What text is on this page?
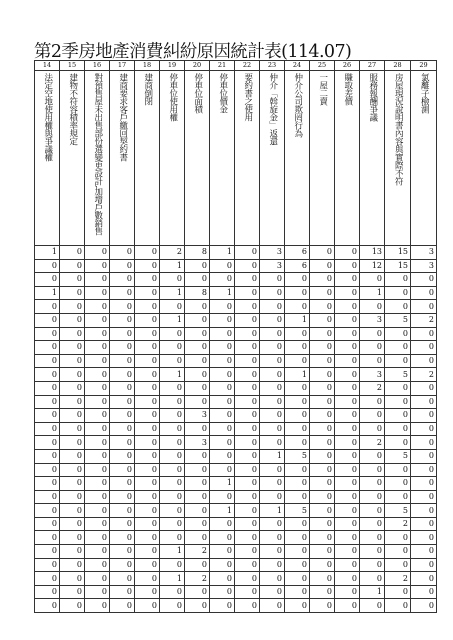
第2季房地產消費糾紛原因統計表(114.07)
14	15	16	17	18	19	20	21	22	23	24	25	26	27	28	29

法定空地使用權與爭議權	建物不符容積率規定	對預售屋未出售部份選變更設計,加增戶數銷售	建商要求客戶繳回契約書	建商倒閉	停車位使用權	停車位面積	停車位價金	要約書之使用	仲介「斡旋金」返還	仲介公司欺罔行為	一屋二賣	賺取差價	服務報酬爭議	房屋現況說明書內容與實際不符	氯離子檢測

1	0	0	0	0	2	8	1	0	3	6	0	0	13	15	3
0	0	0	0	0	1	0	0	0	3	6	0	0	12	15	3
0	0	0	0	0	0	0	0	0	0	0	0	0	0	0	0
1	0	0	0	0	1	8	1	0	0	0	0	0	1	0	0
0	0	0	0	0	0	0	0	0	0	0	0	0	0	0	0
0	0	0	0	0	1	0	0	0	0	1	0	0	3	5	2
0	0	0	0	0	0	0	0	0	0	0	0	0	0	0	0
0	0	0	0	0	0	0	0	0	0	0	0	0	0	0	0
0	0	0	0	0	0	0	0	0	0	0	0	0	0	0	0
0	0	0	0	0	1	0	0	0	0	1	0	0	3	5	2
0	0	0	0	0	0	0	0	0	0	0	0	0	2	0	0
0	0	0	0	0	0	0	0	0	0	0	0	0	0	0	0
0	0	0	0	0	0	3	0	0	0	0	0	0	0	0	0
0	0	0	0	0	0	0	0	0	0	0	0	0	0	0	0
0	0	0	0	0	0	3	0	0	0	0	0	0	2	0	0
0	0	0	0	0	0	0	0	0	1	5	0	0	0	5	0
0	0	0	0	0	0	0	0	0	0	0	0	0	0	0	0
0	0	0	0	0	0	0	1	0	0	0	0	0	0	0	0
0	0	0	0	0	0	0	0	0	0	0	0	0	0	0	0
0	0	0	0	0	0	0	1	0	1	5	0	0	0	5	0
0	0	0	0	0	0	0	0	0	0	0	0	0	0	2	0
0	0	0	0	0	0	0	0	0	0	0	0	0	0	0	0
0	0	0	0	0	1	2	0	0	0	0	0	0	0	0	0
0	0	0	0	0	0	0	0	0	0	0	0	0	0	0	0
0	0	0	0	0	1	2	0	0	0	0	0	0	0	2	0
0	0	0	0	0	0	0	0	0	0	0	0	0	1	0	0
0	0	0	0	0	0	0	0	0	0	0	0	0	0	0	0
